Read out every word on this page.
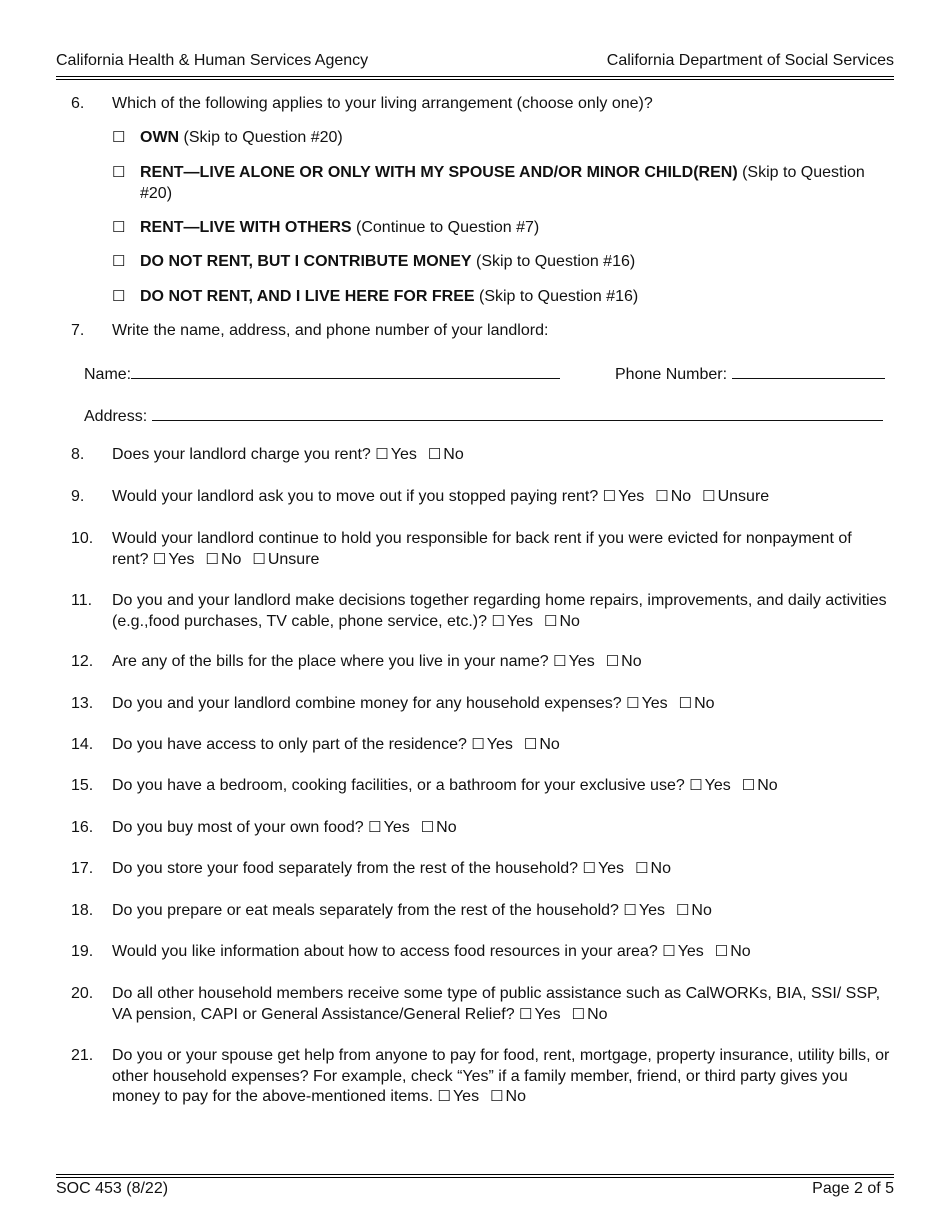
California Health & Human Services Agency	California Department of Social Services
6. Which of the following applies to your living arrangement (choose only one)?
☐ OWN (Skip to Question #20)
☐ RENT—LIVE ALONE OR ONLY WITH MY SPOUSE AND/OR MINOR CHILD(REN) (Skip to Question #20)
☐ RENT—LIVE WITH OTHERS (Continue to Question #7)
☐ DO NOT RENT, BUT I CONTRIBUTE MONEY (Skip to Question #16)
☐ DO NOT RENT, AND I LIVE HERE FOR FREE (Skip to Question #16)
7. Write the name, address, and phone number of your landlord:
Name:	Phone Number:
Address:
8. Does your landlord charge you rent? ☐ Yes ☐ No
9. Would your landlord ask you to move out if you stopped paying rent? ☐ Yes ☐ No ☐ Unsure
10. Would your landlord continue to hold you responsible for back rent if you were evicted for nonpayment of rent? ☐ Yes ☐ No ☐ Unsure
11. Do you and your landlord make decisions together regarding home repairs, improvements, and daily activities (e.g.,food purchases, TV cable, phone service, etc.)? ☐ Yes ☐ No
12. Are any of the bills for the place where you live in your name? ☐ Yes ☐ No
13. Do you and your landlord combine money for any household expenses? ☐ Yes ☐ No
14. Do you have access to only part of the residence? ☐ Yes ☐ No
15. Do you have a bedroom, cooking facilities, or a bathroom for your exclusive use? ☐ Yes ☐ No
16. Do you buy most of your own food? ☐ Yes ☐ No
17. Do you store your food separately from the rest of the household? ☐ Yes ☐ No
18. Do you prepare or eat meals separately from the rest of the household? ☐ Yes ☐ No
19. Would you like information about how to access food resources in your area? ☐ Yes ☐ No
20. Do all other household members receive some type of public assistance such as CalWORKs, BIA, SSI/ SSP, VA pension, CAPI or General Assistance/General Relief? ☐ Yes ☐ No
21. Do you or your spouse get help from anyone to pay for food, rent, mortgage, property insurance, utility bills, or other household expenses? For example, check “Yes” if a family member, friend, or third party gives you money to pay for the above-mentioned items. ☐ Yes ☐ No
SOC 453 (8/22)	Page 2 of 5
